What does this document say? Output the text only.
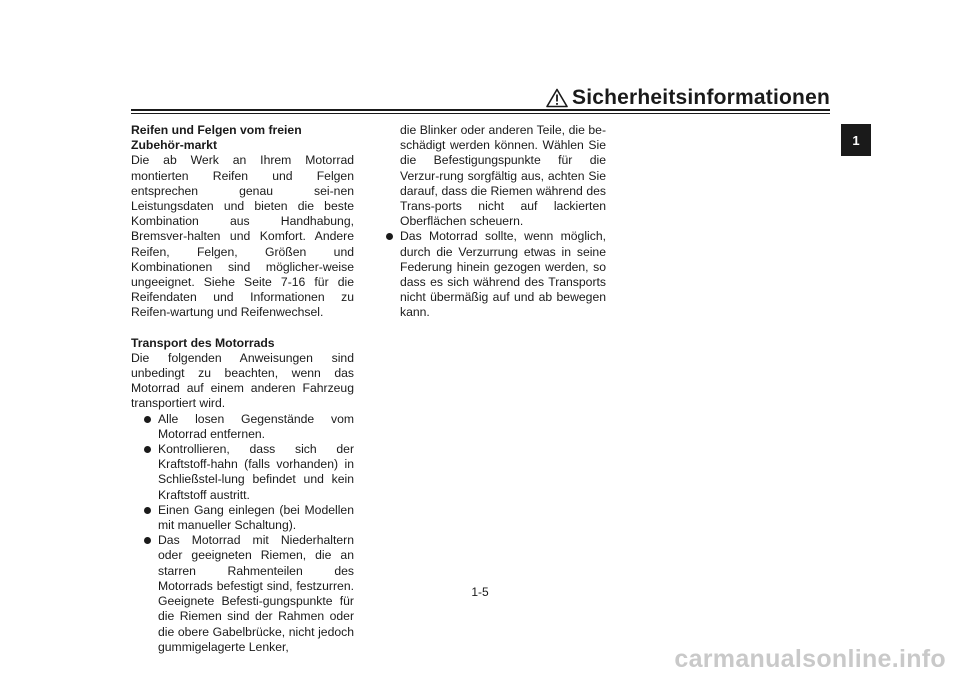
Sicherheitsinformationen

Reifen und Felgen vom freien Zubehör-markt

Die ab Werk an Ihrem Motorrad montierten Reifen und Felgen entsprechen genau sei-nen Leistungsdaten und bieten die beste Kombination aus Handhabung, Bremsver-halten und Komfort. Andere Reifen, Felgen, Größen und Kombinationen sind möglicher-weise ungeeignet. Siehe Seite 7-16 für die Reifendaten und Informationen zu Reifen-wartung und Reifenwechsel.

Transport des Motorrads

Die folgenden Anweisungen sind unbedingt zu beachten, wenn das Motorrad auf einem anderen Fahrzeug transportiert wird.

Alle losen Gegenstände vom Motorrad entfernen.
Kontrollieren, dass sich der Kraftstoff-hahn (falls vorhanden) in Schließstel-lung befindet und kein Kraftstoff austritt.
Einen Gang einlegen (bei Modellen mit manueller Schaltung).
Das Motorrad mit Niederhaltern oder geeigneten Riemen, die an starren Rahmenteilen des Motorrads befestigt sind, festzurren. Geeignete Befesti-gungspunkte für die Riemen sind der Rahmen oder die obere Gabelbrücke, nicht jedoch gummigelagerte Lenker,

die Blinker oder anderen Teile, die be-schädigt werden können. Wählen Sie die Befestigungspunkte für die Verzur-rung sorgfältig aus, achten Sie darauf, dass die Riemen während des Trans-ports nicht auf lackierten Oberflächen scheuern.

Das Motorrad sollte, wenn möglich, durch die Verzurrung etwas in seine Federung hinein gezogen werden, so dass es sich während des Transports nicht übermäßig auf und ab bewegen kann.
1
1-5
carmanualsonline.info
